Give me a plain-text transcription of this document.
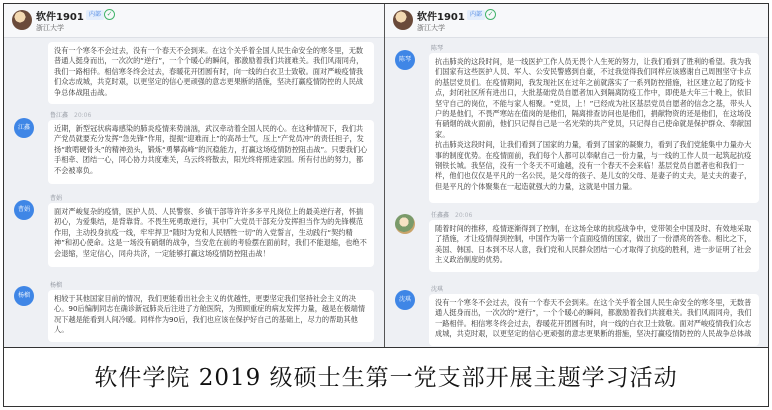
软件1901 内部 ✓
浙江大学
没有一个寒冬不会过去，没有一个春天不会到来。在这个关乎着全国人民生命安全的寒冬里，无数普通人挺身而出，一次次的“逆行”，一个个暖心的瞬间，都激励着我们共渡难关。我们风雨同舟，我们一路相伴。相信寒冬终会过去，春暖花开团圆有时，向一线的白衣卫士致敬。面对严峻疫情我们众志成城，共克时艰，以更坚定的信心更顽强的意志更果断的措施，坚决打赢疫情防控的人民战争总体战阻击战。
江鑫
鲁江鑫 20:06
近期，新型冠状病毒感染的肺炎疫情来势汹汹，武汉牵动着全国人民的心。在这种情况下，我们共产党员就要充分发挥“急先锋”作用，提振“迎难而上”的高昂士气，压上“产党员冲”的责任担子，发扬“敢啃硬骨头”的精神劲头，锻炼“勇攀高峰”的沉稳能力，打赢这场疫情防控阻击战”。只要我们心手相牵、团结一心，同心协力共度难关，乌云终将散去，阳光终将照进家园。所有付出的努力，都不会被辜负。
曹娟
曹娟
面对严峻复杂的疫情，医护人员、人民警察、乡镇干部等许许多多平凡岗位上的最美逆行者，怀揣初心，为爱集结，是背靠背。不畏生死勇敢逆行，其中广大党员干部充分发挥担当作为的先锋模范作用，主动投身抗疫一线，牢牢捍卫“随时为党和人民牺牲一切”的入党誓言，生动践行“契约精神”和初心使命。这是一场没有硝烟的战争，当安危在前的考验摆在面前时，我们不能退缩，也绝不会退缩，坚定信心，同舟共济，一定能够打赢这场疫情防控阻击战！
杨榴
杨榴
相较于其他国家目前的情况，我们更能看出社会主义的优越性，更要坚定我们坚持社会主义的决心。90后编制同志在确诊新冠肺炎后注进了方舱医院，为照顾重症的病友发挥力量，越是在极端情况下越是能看到人间冷暖。同样作为90后，我们也应该在保护好自己的基础上，尽力的帮助其他人。
软件1901 内部 ✓
浙江大学
陈琴
陈琴
抗击肺炎的这段时间，是一线医护工作人员无畏个人生死的努力，让我们看到了胜利的希望。我为我们国家有这些医护人员、军人、公安民警感到自豪，不过我觉得我们同样应该感谢自己周围坚守卡点的基层党员们。在疫情期间，我发现社区在过年之前就落实了一系列防控措施，社区建立起了防疫卡点，封闭社区所有进出口，大批基础党员自愿者加入到隔离防疫工作中，即使是大年三十晚上，依旧坚守自己的岗位，不能与家人相聚。“党员，上！”已经成为社区基层党员自愿者的信念之基，带头人户的是他们，不畏严寒站在值岗的是他们，隔离排查访问也是他们，捐献物资的还是他们，在这场没有硝烟的战火面前，他们只记得自己是一名光荣的共产党员，只记得自己使命就是保护群众、奉献国家。
抗击肺炎这段时间，让我们看到了国家的力量，看到了国家的凝聚力，看到了我们党能集中力量办大事的制度优势。在疫情面前，我们每个人都可以奉献自己一份力量，与一线的工作人员一起筑起抗疫钢铁长城。我坚信，没有一个冬天不可逾越，没有一个春天不会来临！基层党员自愿者也和我们一样，他们也仅仅是平凡的一名公民，是父母的孩子、是儿女的父母、是妻子的丈夫，是丈夫的妻子，但是平凡的个体聚集在一起造就强大的力量，这就是中国力量。
任鑫鑫 20:06
随着时间的推移，疫情逐渐得到了控制，在这场全球的抗疫战争中，党带领全中国及时、有效地采取了措施，才让疫情得到控制，中国作为第一个直面疫情的国家，做出了一份漂亮的答卷。相比之下，美国、韩国、日本到不尽人意，我们党和人民群众团结一心才取得了抗疫的胜利，进一步证明了社会主义政治制度的优势。
沈琪
沈琪
没有一个寒冬不会过去，没有一个春天不会到来。在这个关乎着全国人民生命安全的寒冬里，无数普通人挺身而出，一次次的“逆行”，一个个暖心的瞬间，都激励着我们共渡难关。我们风雨同舟，我们一路相伴。相信寒冬终会过去，春暖花开团圆有时，向一线的白衣卫士致敬。面对严峻疫情我们众志成城，共克时艰，以更坚定的信心更顽强的意志更果断的措施，坚决打赢疫情防控的人民战争总体战
软件学院 2019 级硕士生第一党支部开展主题学习活动
